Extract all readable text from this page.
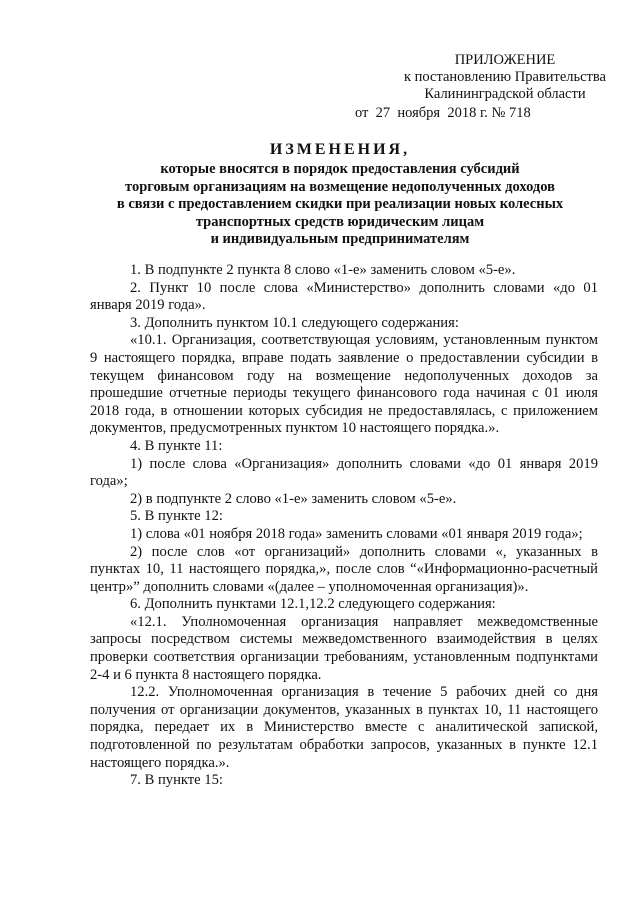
ПРИЛОЖЕНИЕ
к постановлению Правительства
Калининградской области
от  27  ноября  2018 г. № 718
ИЗМЕНЕНИЯ,
которые вносятся в порядок предоставления субсидий
торговым организациям на возмещение недополученных доходов
в связи с предоставлением скидки при реализации новых колесных
транспортных средств юридическим лицам
и индивидуальным предпринимателям

1. В подпункте 2 пункта 8 слово «1-е» заменить словом «5-е».

2. Пункт 10 после слова «Министерство» дополнить словами «до 01 января 2019 года».

3. Дополнить пунктом 10.1 следующего содержания:

«10.1. Организация, соответствующая условиям, установленным пунктом 9 настоящего порядка, вправе подать заявление о предоставлении субсидии в текущем финансовом году на возмещение недополученных доходов за прошедшие отчетные периоды текущего финансового года начиная с 01 июля 2018 года, в отношении которых субсидия не предоставлялась, с приложением документов, предусмотренных пунктом 10 настоящего порядка.».

4. В пункте 11:

1) после слова «Организация» дополнить словами «до 01 января 2019 года»;

2) в подпункте 2 слово «1-е» заменить словом «5-е».

5. В пункте 12:

1) слова «01 ноября 2018 года» заменить словами «01 января 2019 года»;

2) после слов «от организаций» дополнить словами «, указанных в пунктах 10, 11 настоящего порядка,», после слов “«Информационно-расчетный центр»” дополнить словами «(далее – уполномоченная организация)».

6. Дополнить пунктами 12.1,12.2 следующего содержания:

«12.1. Уполномоченная организация направляет межведомственные запросы посредством системы межведомственного взаимодействия в целях проверки соответствия организации требованиям, установленным подпунктами 2-4 и 6 пункта 8 настоящего порядка.

12.2. Уполномоченная организация в течение 5 рабочих дней со дня получения от организации документов, указанных в пунктах 10, 11 настоящего порядка, передает их в Министерство вместе с аналитической запиской, подготовленной по результатам обработки запросов, указанных в пункте 12.1 настоящего порядка.».

7. В пункте 15:
